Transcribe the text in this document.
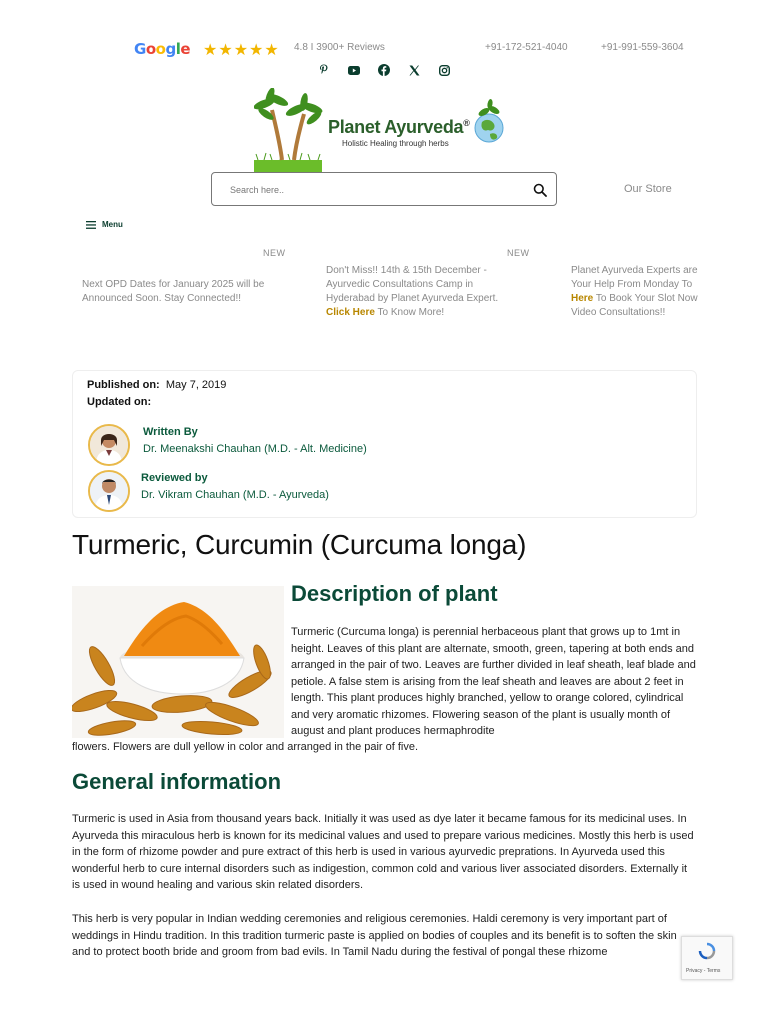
Google ★★★★★ 4.8 I 3900+ Reviews	+91-172-521-4040	+91-991-559-3604
Planet Ayurveda®
Holistic Healing through herbs
Search here..	Our Store
Menu
NEW	NEW
Next OPD Dates for January 2025 will be Announced Soon. Stay Connected!!
Don't Miss!! 14th & 15th December - Ayurvedic Consultations Camp in Hyderabad by Planet Ayurveda Expert. Click Here To Know More!
Planet Ayurveda Experts are Your Help From Monday To Here To Book Your Slot Now Video Consultations!!
Published on: May 7, 2019
Updated on:
Written By
Dr. Meenakshi Chauhan (M.D. - Alt. Medicine)
Reviewed by
Dr. Vikram Chauhan (M.D. - Ayurveda)
Turmeric, Curcumin (Curcuma longa)
Description of plant

Turmeric (Curcuma longa) is perennial herbaceous plant that grows up to 1mt in height. Leaves of this plant are alternate, smooth, green, tapering at both ends and arranged in the pair of two. Leaves are further divided in leaf sheath, leaf blade and petiole. A false stem is arising from the leaf sheath and leaves are about 2 feet in length. This plant produces highly branched, yellow to orange colored, cylindrical and very aromatic rhizomes. Flowering season of the plant is usually month of august and plant produces hermaphrodite

flowers. Flowers are dull yellow in color and arranged in the pair of five.

General information

Turmeric is used in Asia from thousand years back. Initially it was used as dye later it became famous for its medicinal uses. In Ayurveda this miraculous herb is known for its medicinal values and used to prepare various medicines. Mostly this herb is used in the form of rhizome powder and pure extract of this herb is used in various ayurvedic preprations. In Ayurveda used this wonderful herb to cure internal disorders such as indigestion, common cold and various liver associated disorders. Externally it is used in wound healing and various skin related disorders.

This herb is very popular in Indian wedding ceremonies and religious ceremonies. Haldi ceremony is very important part of weddings in Hindu tradition. In this tradition turmeric paste is applied on bodies of couples and its benefit is to soften the skin and to protect booth bride and groom from bad evils. In Tamil Nadu during the festival of pongal these rhizome

Privacy - Terms
